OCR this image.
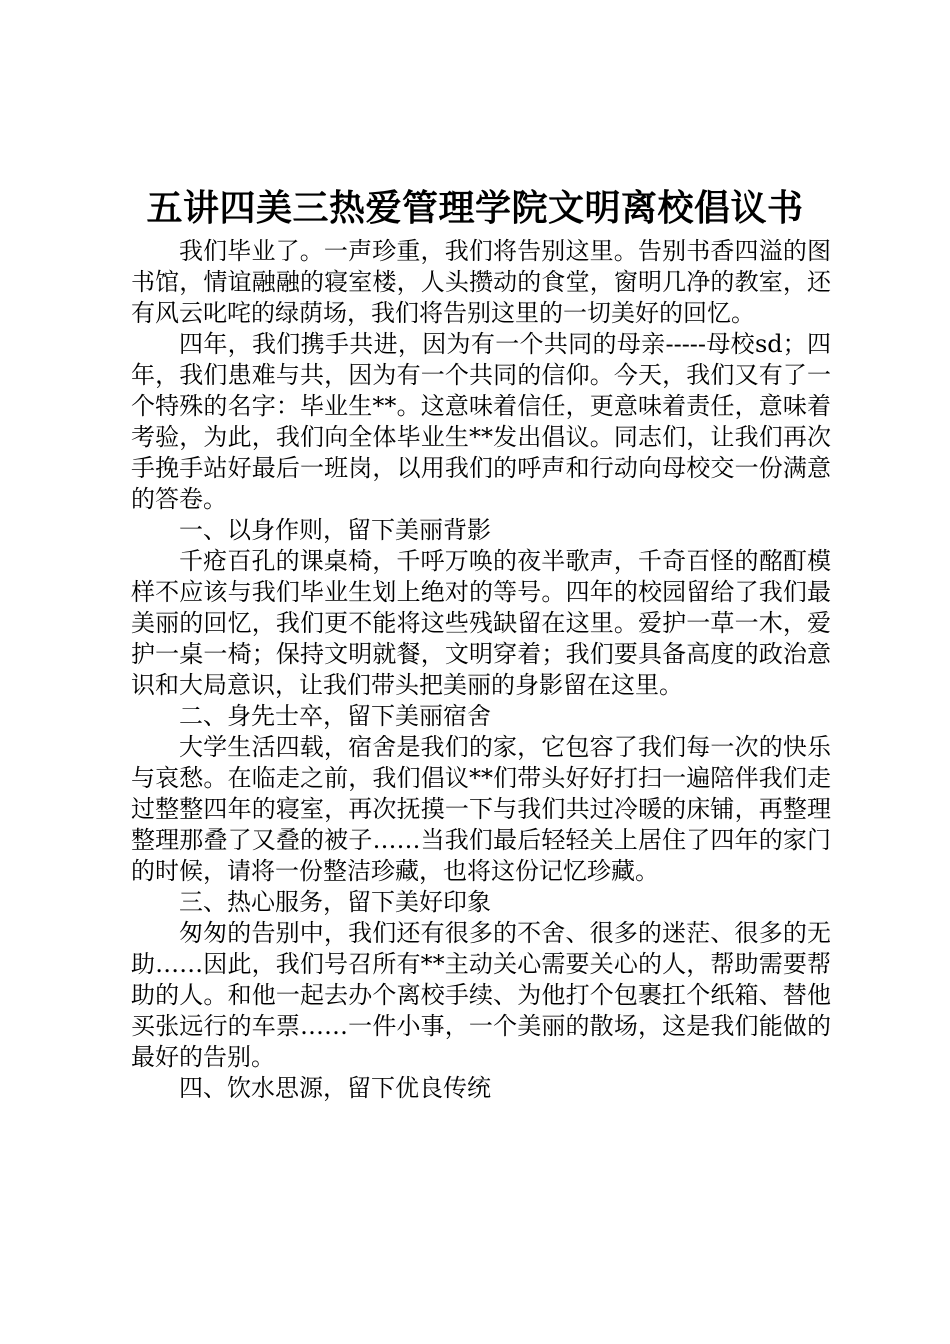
五讲四美三热爱管理学院文明离校倡议书

我们毕业了。一声珍重，我们将告别这里。告别书香四溢的图书馆，情谊融融的寝室楼，人头攒动的食堂，窗明几净的教室，还有风云叱咤的绿荫场，我们将告别这里的一切美好的回忆。

四年，我们携手共进，因为有一个共同的母亲-----母校sd；四年，我们患难与共，因为有一个共同的信仰。今天，我们又有了一个特殊的名字：毕业生**。这意味着信任，更意味着责任，意味着考验，为此，我们向全体毕业生**发出倡议。同志们，让我们再次手挽手站好最后一班岗，以用我们的呼声和行动向母校交一份满意的答卷。

一、以身作则，留下美丽背影

千疮百孔的课桌椅，千呼万唤的夜半歌声，千奇百怪的酩酊模样不应该与我们毕业生划上绝对的等号。四年的校园留给了我们最美丽的回忆，我们更不能将这些残缺留在这里。爱护一草一木，爱护一桌一椅；保持文明就餐，文明穿着；我们要具备高度的政治意识和大局意识，让我们带头把美丽的身影留在这里。

二、身先士卒，留下美丽宿舍

大学生活四载，宿舍是我们的家，它包容了我们每一次的快乐与哀愁。在临走之前，我们倡议**们带头好好打扫一遍陪伴我们走过整整四年的寝室，再次抚摸一下与我们共过冷暖的床铺，再整理整理那叠了又叠的被子……当我们最后轻轻关上居住了四年的家门的时候，请将一份整洁珍藏，也将这份记忆珍藏。

三、热心服务，留下美好印象

匆匆的告别中，我们还有很多的不舍、很多的迷茫、很多的无助……因此，我们号召所有**主动关心需要关心的人，帮助需要帮助的人。和他一起去办个离校手续、为他打个包裹扛个纸箱、替他买张远行的车票……一件小事，一个美丽的散场，这是我们能做的最好的告别。

四、饮水思源，留下优良传统
